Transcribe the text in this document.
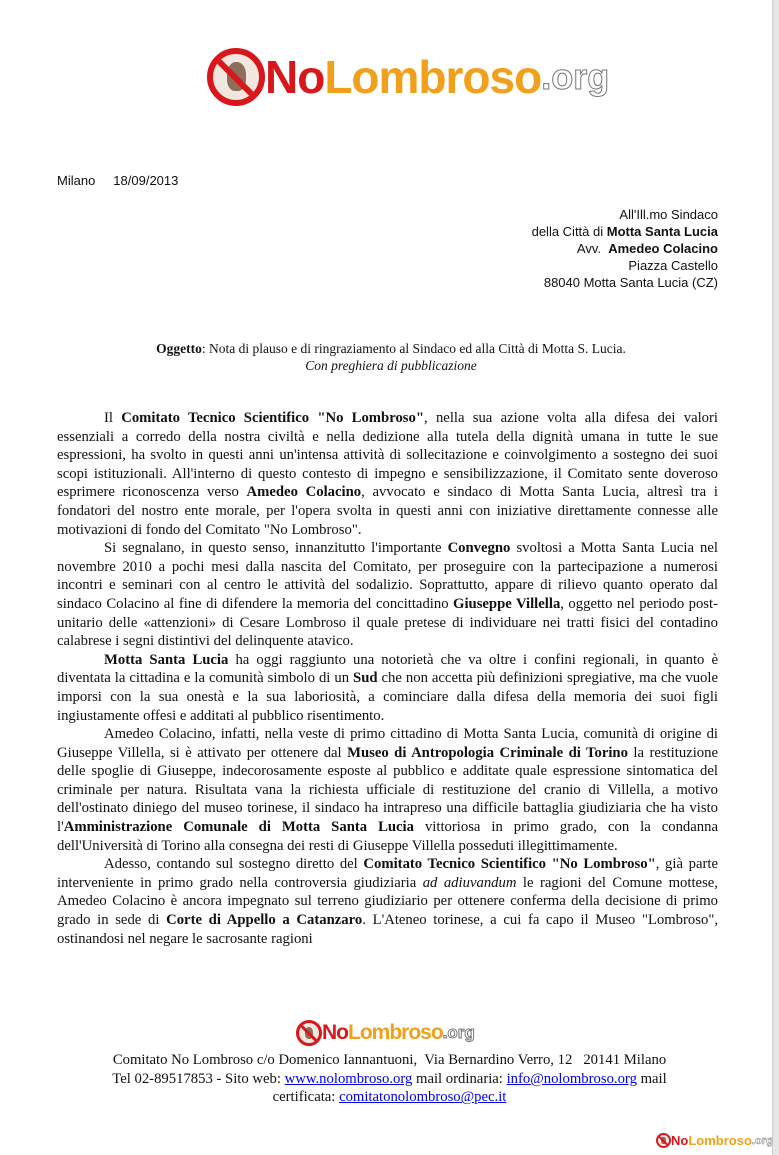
No Lombroso .org
Milano 18/09/2013
All'Ill.mo Sindaco
della Città di Motta Santa Lucia
Avv.  Amedeo Colacino
Piazza Castello
88040 Motta Santa Lucia (CZ)
Oggetto: Nota di plauso e di ringraziamento al Sindaco ed alla Città di Motta S. Lucia.
Con preghiera di pubblicazione

Il Comitato Tecnico Scientifico "No Lombroso", nella sua azione volta alla difesa dei valori essenziali a corredo della nostra civiltà e nella dedizione alla tutela della dignità umana in tutte le sue espressioni, ha svolto in questi anni un'intensa attività di sollecitazione e coinvolgimento a sostegno dei suoi scopi istituzionali. All'interno di questo contesto di impegno e sensibilizzazione, il Comitato sente doveroso esprimere riconoscenza verso Amedeo Colacino, avvocato e sindaco di Motta Santa Lucia, altresì tra i fondatori del nostro ente morale, per l'opera svolta in questi anni con iniziative direttamente connesse alle motivazioni di fondo del Comitato "No Lombroso".

Si segnalano, in questo senso, innanzitutto l'importante Convegno svoltosi a Motta Santa Lucia nel novembre 2010 a pochi mesi dalla nascita del Comitato, per proseguire con la partecipazione a numerosi incontri e seminari con al centro le attività del sodalizio. Soprattutto, appare di rilievo quanto operato dal sindaco Colacino al fine di difendere la memoria del concittadino Giuseppe Villella, oggetto nel periodo post-unitario delle «attenzioni» di Cesare Lombroso il quale pretese di individuare nei tratti fisici del contadino calabrese i segni distintivi del delinquente atavico.

Motta Santa Lucia ha oggi raggiunto una notorietà che va oltre i confini regionali, in quanto è diventata la cittadina e la comunità simbolo di un Sud che non accetta più definizioni spregiative, ma che vuole imporsi con la sua onestà e la sua laboriosità, a cominciare dalla difesa della memoria dei suoi figli ingiustamente offesi e additati al pubblico risentimento.

Amedeo Colacino, infatti, nella veste di primo cittadino di Motta Santa Lucia, comunità di origine di Giuseppe Villella, si è attivato per ottenere dal Museo di Antropologia Criminale di Torino la restituzione delle spoglie di Giuseppe, indecorosamente esposte al pubblico e additate quale espressione sintomatica del criminale per natura. Risultata vana la richiesta ufficiale di restituzione del cranio di Villella, a motivo dell'ostinato diniego del museo torinese, il sindaco ha intrapreso una difficile battaglia giudiziaria che ha visto l'Amministrazione Comunale di Motta Santa Lucia vittoriosa in primo grado, con la condanna dell'Università di Torino alla consegna dei resti di Giuseppe Villella posseduti illegittimamente.

Adesso, contando sul sostegno diretto del Comitato Tecnico Scientifico "No Lombroso", già parte interveniente in primo grado nella controversia giudiziaria ad adiuvandum le ragioni del Comune mottese, Amedeo Colacino è ancora impegnato sul terreno giudiziario per ottenere conferma della decisione di primo grado in sede di Corte di Appello a Catanzaro. L'Ateneo torinese, a cui fa capo il Museo "Lombroso", ostinandosi nel negare le sacrosante ragioni

No Lombroso .org
Comitato No Lombroso c/o Domenico Iannantuoni,  Via Bernardino Verro, 12   20141 Milano
Tel 02-89517853 - Sito web: www.nolombroso.org mail ordinaria: info@nolombroso.org mail
certificata: comitatonolombroso@pec.it
No Lombroso .org
